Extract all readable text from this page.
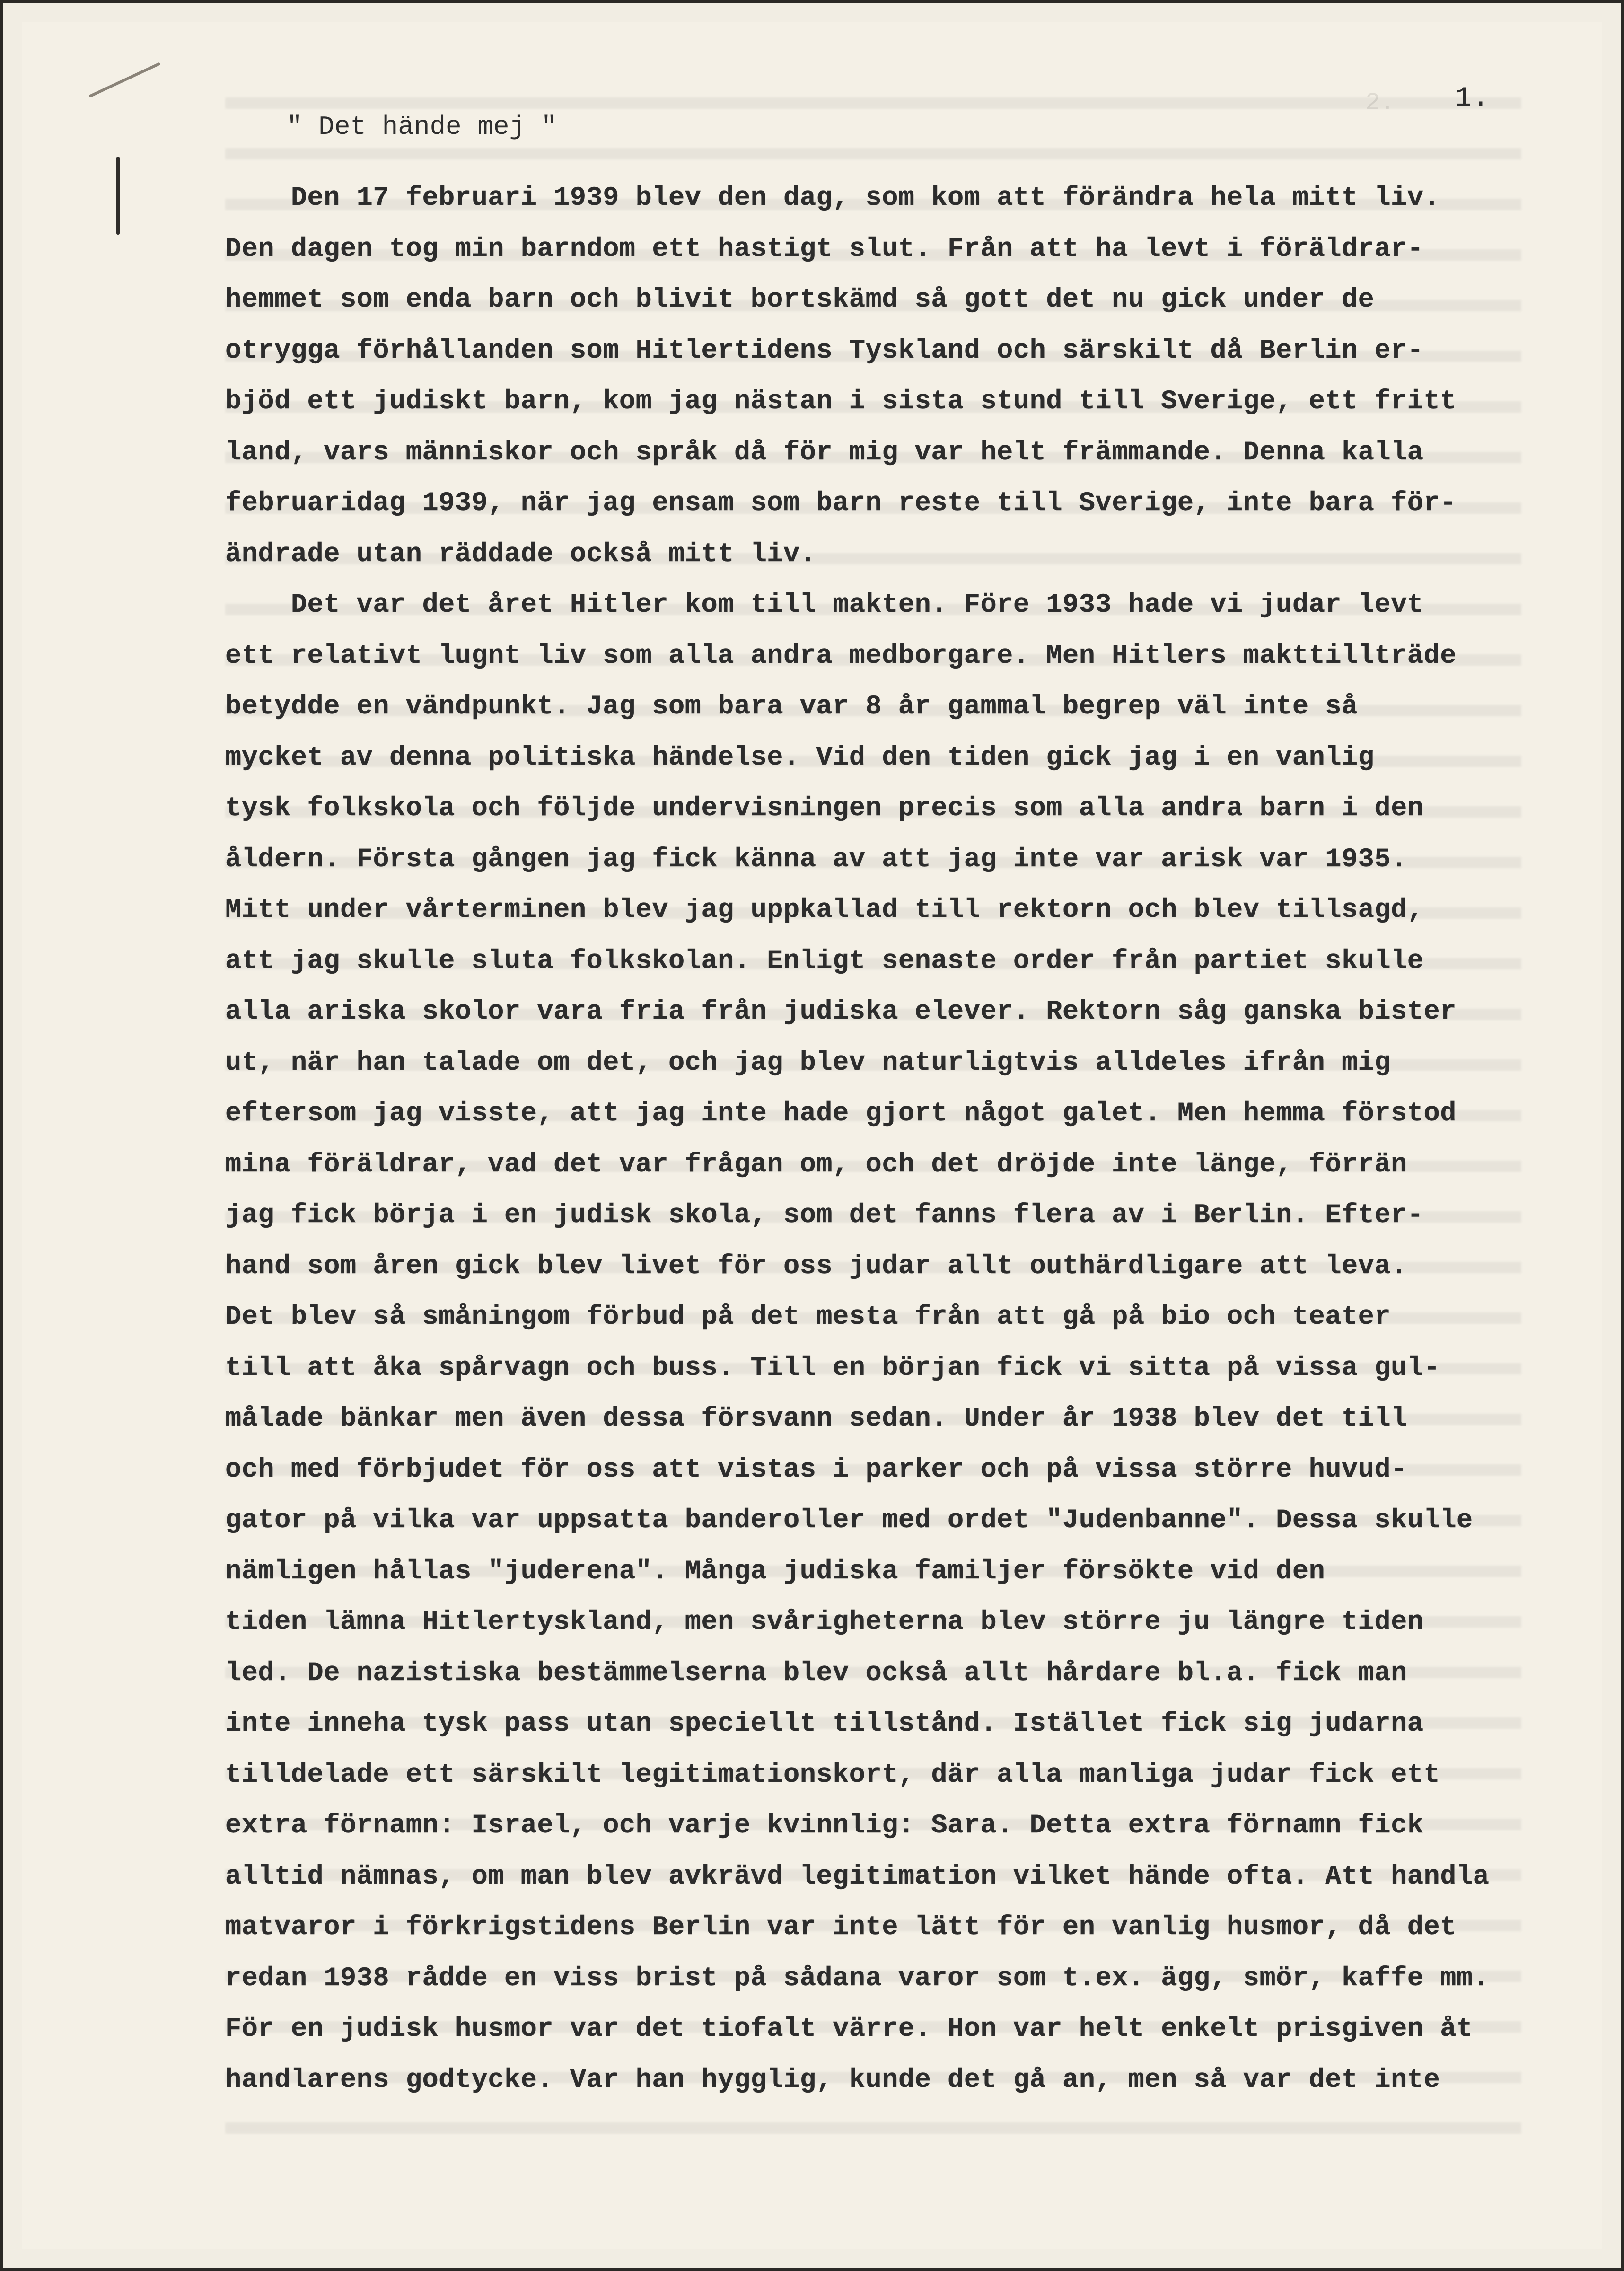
2. 1.
" Det hände mej "
Den 17 februari 1939 blev den dag, som kom att förändra hela mitt liv.
Den dagen tog min barndom ett hastigt slut. Från att ha levt i föräldrar-
hemmet som enda barn och blivit bortskämd så gott det nu gick under de
otrygga förhållanden som Hitlertidens Tyskland och särskilt då Berlin er-
bjöd ett judiskt barn, kom jag nästan i sista stund till Sverige, ett fritt
land, vars människor och språk då för mig var helt främmande. Denna kalla
februaridag 1939, när jag ensam som barn reste till Sverige, inte bara för-
ändrade utan räddade också mitt liv.
Det var det året Hitler kom till makten. Före 1933 hade vi judar levt
ett relativt lugnt liv som alla andra medborgare. Men Hitlers makttillträde
betydde en vändpunkt. Jag som bara var 8 år gammal begrep väl inte så
mycket av denna politiska händelse. Vid den tiden gick jag i en vanlig
tysk folkskola och följde undervisningen precis som alla andra barn i den
åldern. Första gången jag fick känna av att jag inte var arisk var 1935.
Mitt under vårterminen blev jag uppkallad till rektorn och blev tillsagd,
att jag skulle sluta folkskolan. Enligt senaste order från partiet skulle
alla ariska skolor vara fria från judiska elever. Rektorn såg ganska bister
ut, när han talade om det, och jag blev naturligtvis alldeles ifrån mig
eftersom jag visste, att jag inte hade gjort något galet. Men hemma förstod
mina föräldrar, vad det var frågan om, och det dröjde inte länge, förrän
jag fick börja i en judisk skola, som det fanns flera av i Berlin. Efter-
hand som åren gick blev livet för oss judar allt outhärdligare att leva.
Det blev så småningom förbud på det mesta från att gå på bio och teater
till att åka spårvagn och buss. Till en början fick vi sitta på vissa gul-
målade bänkar men även dessa försvann sedan. Under år 1938 blev det till
och med förbjudet för oss att vistas i parker och på vissa större huvud-
gator på vilka var uppsatta banderoller med ordet "Judenbanne". Dessa skulle
nämligen hållas "juderena". Många judiska familjer försökte vid den
tiden lämna Hitlertyskland, men svårigheterna blev större ju längre tiden
led. De nazistiska bestämmelserna blev också allt hårdare bl.a. fick man
inte inneha tysk pass utan speciellt tillstånd. Istället fick sig judarna
tilldelade ett särskilt legitimationskort, där alla manliga judar fick ett
extra förnamn: Israel, och varje kvinnlig: Sara. Detta extra förnamn fick
alltid nämnas, om man blev avkrävd legitimation vilket hände ofta. Att handla
matvaror i förkrigstidens Berlin var inte lätt för en vanlig husmor, då det
redan 1938 rådde en viss brist på sådana varor som t.ex. ägg, smör, kaffe mm.
För en judisk husmor var det tiofalt värre. Hon var helt enkelt prisgiven åt
handlarens godtycke. Var han hygglig, kunde det gå an, men så var det inte
